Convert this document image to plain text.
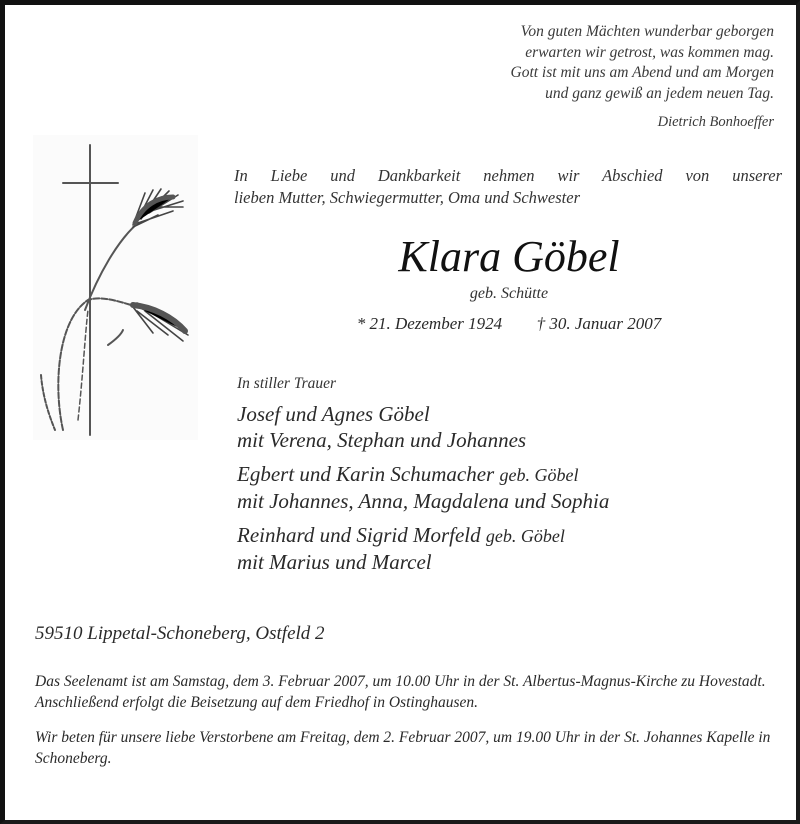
Von guten Mächten wunderbar geborgen
erwarten wir getrost, was kommen mag.
Gott ist mit uns am Abend und am Morgen
und ganz gewiß an jedem neuen Tag.
Dietrich Bonhoeffer
In Liebe und Dankbarkeit nehmen wir Abschied von unserer
lieben Mutter, Schwiegermutter, Oma und Schwester
Klara Göbel
geb. Schütte
* 21. Dezember 1924 † 30. Januar 2007
In stiller Trauer
Josef und Agnes Göbel
mit Verena, Stephan und Johannes
Egbert und Karin Schumacher geb. Göbel
mit Johannes, Anna, Magdalena und Sophia
Reinhard und Sigrid Morfeld geb. Göbel
mit Marius und Marcel
59510 Lippetal-Schoneberg, Ostfeld 2

Das Seelenamt ist am Samstag, dem 3. Februar 2007, um 10.00 Uhr in der St. Albertus-Magnus-Kirche zu Hovestadt.
Anschließend erfolgt die Beisetzung auf dem Friedhof in Ostinghausen.

Wir beten für unsere liebe Verstorbene am Freitag, dem 2. Februar 2007, um 19.00 Uhr in der St. Johannes Kapelle in Schoneberg.
